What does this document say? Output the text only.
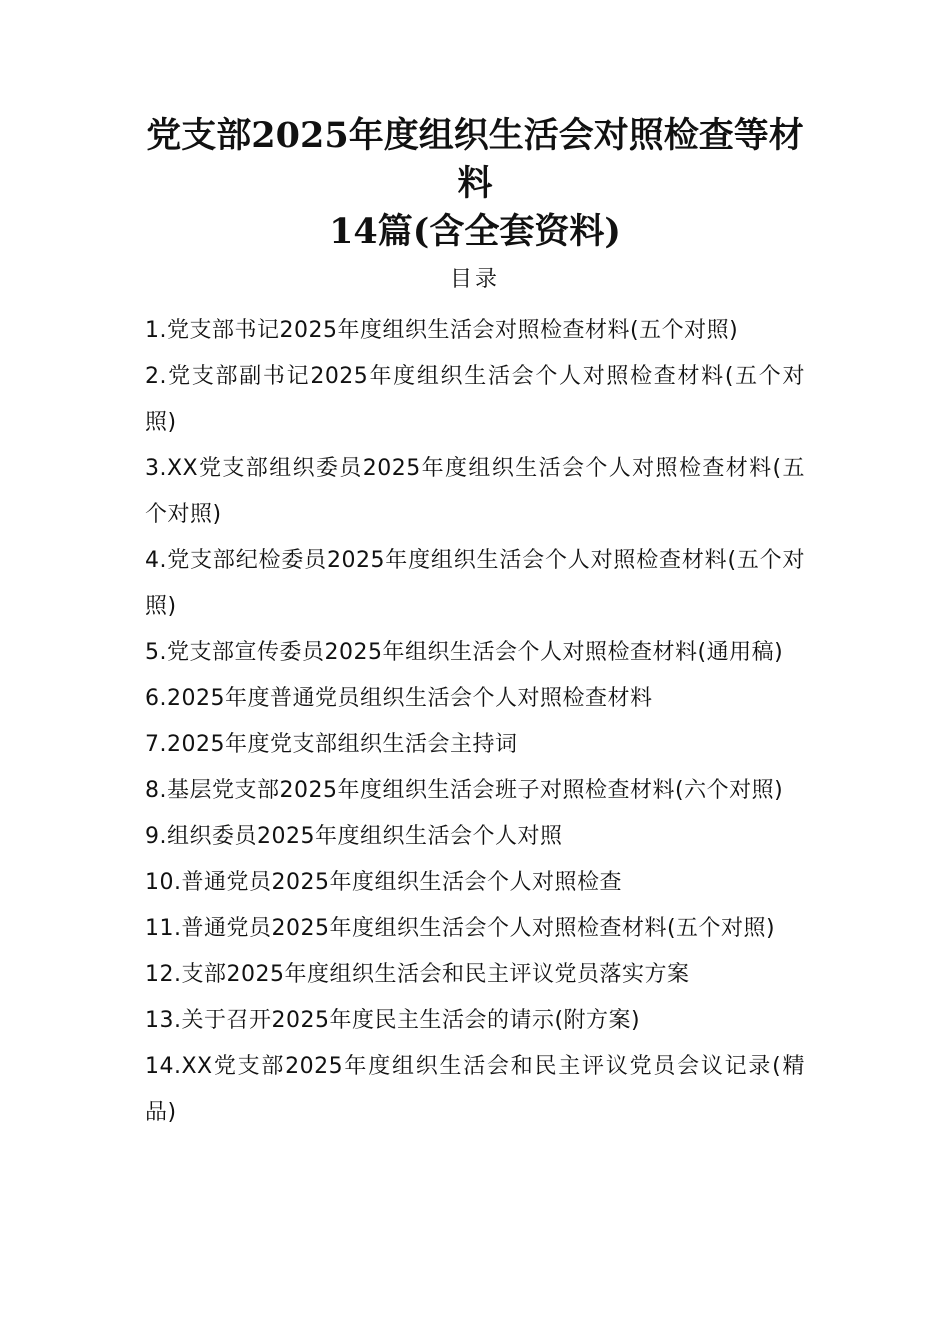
党支部2025年度组织生活会对照检查等材料
14篇(含全套资料)
目录
1.党支部书记2025年度组织生活会对照检查材料(五个对照)
2.党支部副书记2025年度组织生活会个人对照检查材料(五个对照)
3.XX党支部组织委员2025年度组织生活会个人对照检查材料(五个对照)
4.党支部纪检委员2025年度组织生活会个人对照检查材料(五个对照)
5.党支部宣传委员2025年组织生活会个人对照检查材料(通用稿)
6.2025年度普通党员组织生活会个人对照检查材料
7.2025年度党支部组织生活会主持词
8.基层党支部2025年度组织生活会班子对照检查材料(六个对照)
9.组织委员2025年度组织生活会个人对照
10.普通党员2025年度组织生活会个人对照检查
11.普通党员2025年度组织生活会个人对照检查材料(五个对照)
12.支部2025年度组织生活会和民主评议党员落实方案
13.关于召开2025年度民主生活会的请示(附方案)
14.XX党支部2025年度组织生活会和民主评议党员会议记录(精品)
